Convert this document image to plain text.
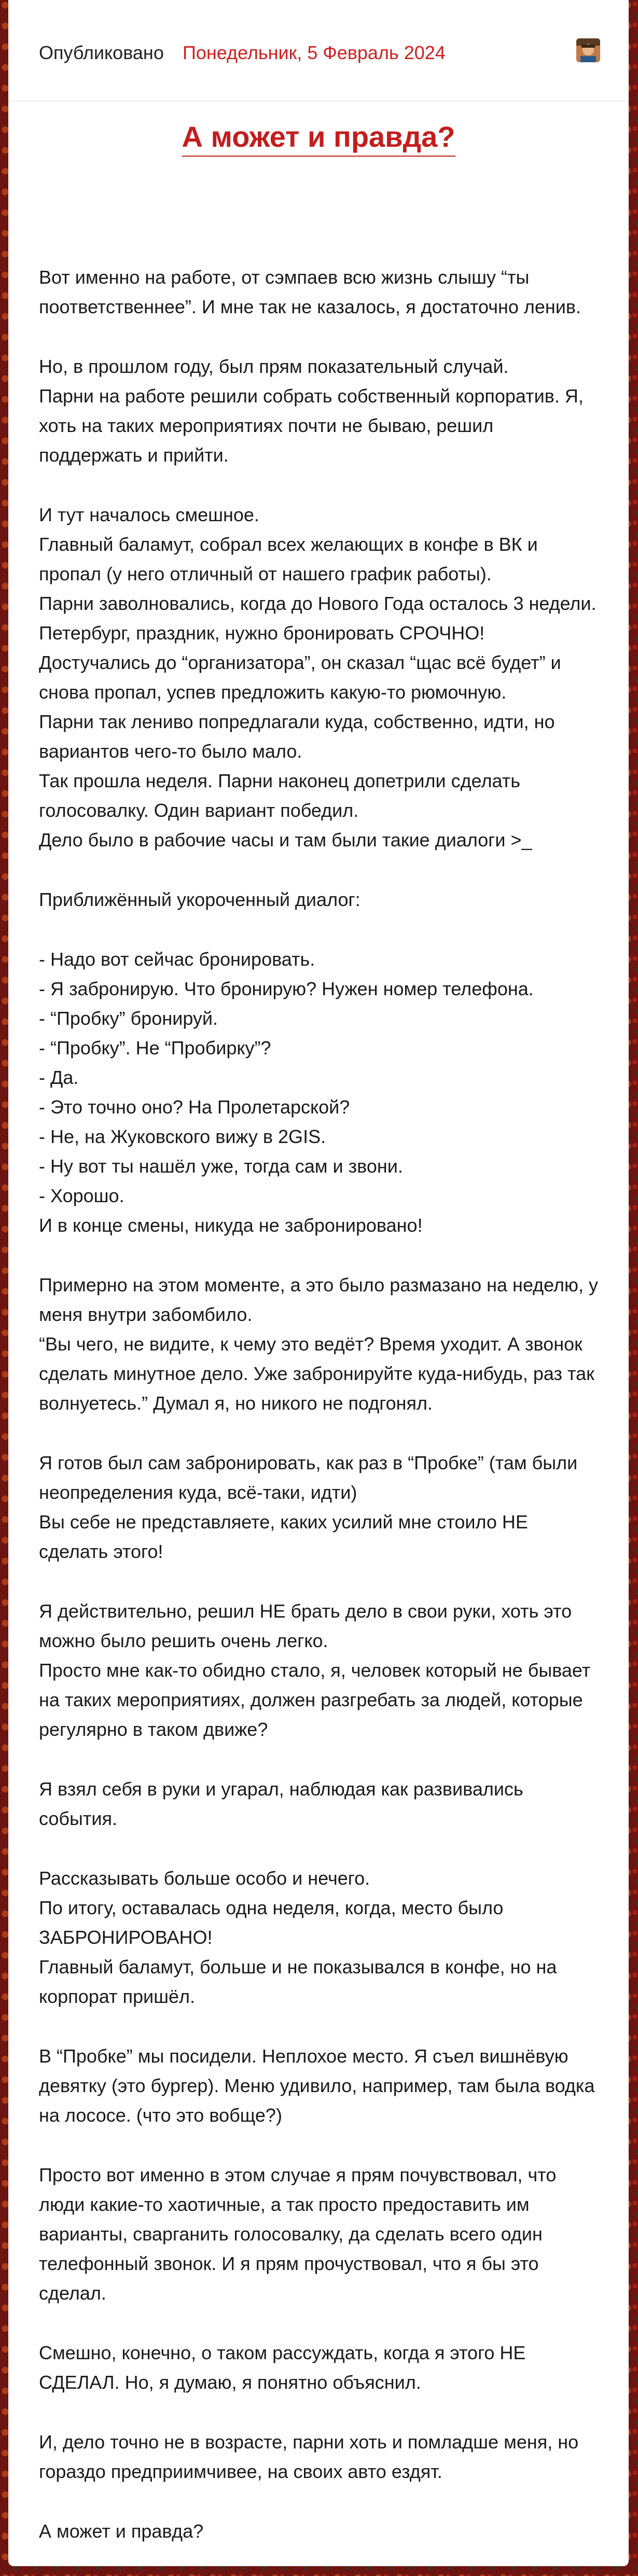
Опубликовано Понедельник, 5 Февраль 2024
А может и правда?

Вот именно на работе, от сэмпаев всю жизнь слышу “ты поответственнее”. И мне так не казалось, я достаточно ленив.

Но, в прошлом году, был прям показательный случай.
Парни на работе решили собрать собственный корпоратив. Я, хоть на таких мероприятиях почти не бываю, решил поддержать и прийти.

И тут началось смешное.
Главный баламут, собрал всех желающих в конфе в ВК и пропал (у него отличный от нашего график работы).
Парни заволновались, когда до Нового Года осталось 3 недели. Петербург, праздник, нужно бронировать СРОЧНО!
Достучались до “организатора”, он сказал “щас всё будет” и снова пропал, успев предложить какую-то рюмочную.
Парни так лениво попредлагали куда, собственно, идти, но вариантов чего-то было мало.
Так прошла неделя. Парни наконец допетрили сделать голосовалку. Один вариант победил.
Дело было в рабочие часы и там были такие диалоги >_

Приближённый укороченный диалог:

- Надо вот сейчас бронировать.
- Я забронирую. Что бронирую? Нужен номер телефона.
- “Пробку” бронируй.
- “Пробку”. Не “Пробирку”?
- Да.
- Это точно оно? На Пролетарской?
- Не, на Жуковского вижу в 2GIS.
- Ну вот ты нашёл уже, тогда сам и звони.
- Хорошо.
И в конце смены, никуда не забронировано!

Примерно на этом моменте, а это было размазано на неделю, у меня внутри забомбило.
“Вы чего, не видите, к чему это ведёт? Время уходит. А звонок сделать минутное дело. Уже забронируйте куда-нибудь, раз так волнуетесь.” Думал я, но никого не подгонял.

Я готов был сам забронировать, как раз в “Пробке” (там были неопределения куда, всё-таки, идти)
Вы себе не представляете, каких усилий мне стоило НЕ сделать этого!

Я действительно, решил НЕ брать дело в свои руки, хоть это можно было решить очень легко.
Просто мне как-то обидно стало, я, человек который не бывает на таких мероприятиях, должен разгребать за людей, которые регулярно в таком движе?

Я взял себя в руки и угарал, наблюдая как развивались события.

Рассказывать больше особо и нечего.
По итогу, оставалась одна неделя, когда, место было ЗАБРОНИРОВАНО!
Главный баламут, больше и не показывался в конфе, но на корпорат пришёл.

В “Пробке” мы посидели. Неплохое место. Я съел вишнёвую девятку (это бургер). Меню удивило, например, там была водка на лососе. (что это вобще?)

Просто вот именно в этом случае я прям почувствовал, что люди какие-то хаотичные, а так просто предоставить им варианты, сварганить голосовалку, да сделать всего один телефонный звонок. И я прям прочуствовал, что я бы это сделал.

Смешно, конечно, о таком рассуждать, когда я этого НЕ СДЕЛАЛ. Но, я думаю, я понятно объяснил.

И, дело точно не в возрасте, парни хоть и помладше меня, но гораздо предприимчивее, на своих авто ездят.

А может и правда?
